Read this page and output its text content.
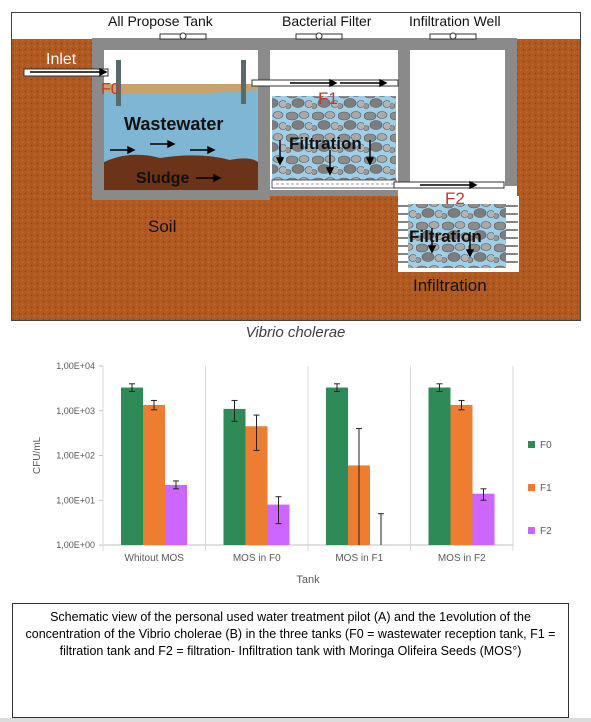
All Propose Tank	Bacterial Filter	Infiltration Well
Inlet
F0	F1
F2
Wastewater
Sludge
Soil
Filtration
Filtration
Infiltration
Vibrio cholerae
1,00E+00
1,00E+01
1,00E+02
1,00E+03
1,00E+04
CFU/mL
Whitout MOS	MOS in F0	MOS in F1	MOS in F2
Tank
F0
F1
F2
Schematic view of the personal used water treatment pilot (A) and the 1evolution of the concentration of the Vibrio cholerae (B) in the three tanks (F0 = wastewater reception tank, F1 = filtration tank and F2 = filtration- Infiltration tank with Moringa Olifeira Seeds (MOS°)
